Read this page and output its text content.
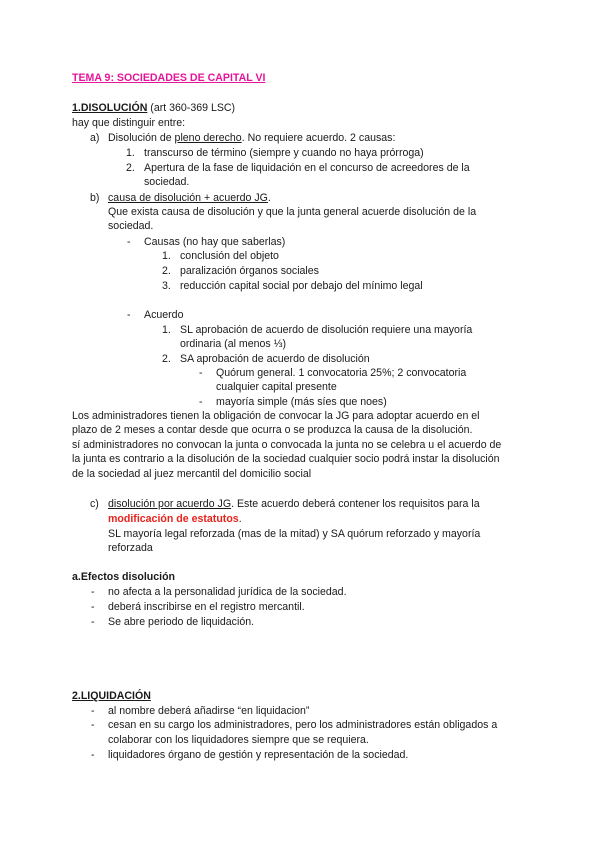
TEMA 9: SOCIEDADES DE CAPITAL VI
1.DISOLUCIÓN (art 360-369 LSC)
hay que distinguir entre:
a) Disolución de pleno derecho. No requiere acuerdo. 2 causas:
1. transcurso de término (siempre y cuando no haya prórroga)
2. Apertura de la fase de liquidación en el concurso de acreedores de la
sociedad.
b) causa de disolución + acuerdo JG.
Que exista causa de disolución y que la junta general acuerde disolución de la
sociedad.
- Causas (no hay que saberlas)
1. conclusión del objeto
2. paralización órganos sociales
3. reducción capital social por debajo del mínimo legal
- Acuerdo
1. SL aprobación de acuerdo de disolución requiere una mayoría
ordinaria (al menos ⅓)
2. SA aprobación de acuerdo de disolución
- Quórum general. 1 convocatoria 25%; 2 convocatoria
cualquier capital presente
- mayoría simple (más síes que noes)
Los administradores tienen la obligación de convocar la JG para adoptar acuerdo en el
plazo de 2 meses a contar desde que ocurra o se produzca la causa de la disolución.
sí administradores no convocan la junta o convocada la junta no se celebra u el acuerdo de
la junta es contrario a la disolución de la sociedad cualquier socio podrá instar la disolución
de la sociedad al juez mercantil del domicilio social
c) disolución por acuerdo JG. Este acuerdo deberá contener los requisitos para la
modificación de estatutos.
SL mayoría legal reforzada (mas de la mitad) y SA quórum reforzado y mayoría
reforzada
a.Efectos disolución
- no afecta a la personalidad jurídica de la sociedad.
- deberá inscribirse en el registro mercantil.
- Se abre periodo de liquidación.
2.LIQUIDACIÓN
- al nombre deberá añadirse “en liquidacion”
- cesan en su cargo los administradores, pero los administradores están obligados a
colaborar con los liquidadores siempre que se requiera.
- liquidadores órgano de gestión y representación de la sociedad.
